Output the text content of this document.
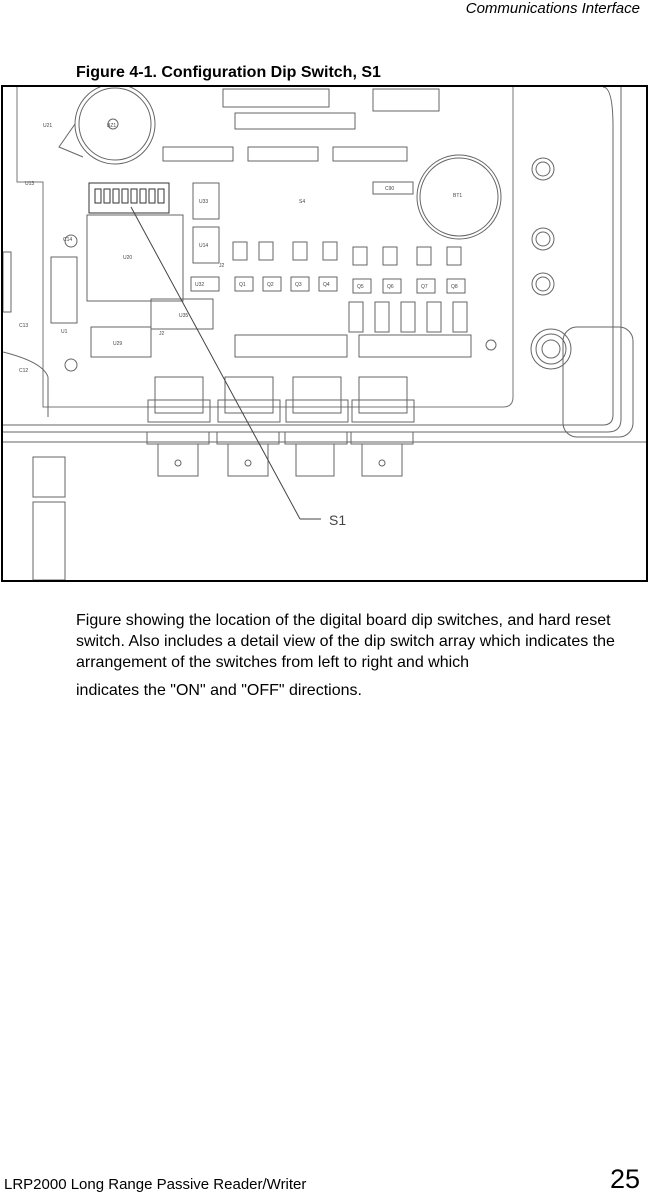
Communications Interface
Figure 4-1. Configuration Dip Switch, S1
S1
BZ1
U20
U29
U33
U14
U32
U35
U13
C13
C12
C14
U1
J2
J2
S4
BT1
C90
U21
Q1	Q2	Q3	Q4	Q5	Q6	Q7	Q8

Figure showing the location of the digital board dip switches, and hard reset switch. Also includes a detail view of the dip switch array which indicates the arrangement of the switches from left to right and which

indicates the "ON" and "OFF" directions.

LRP2000 Long Range Passive Reader/Writer	25
